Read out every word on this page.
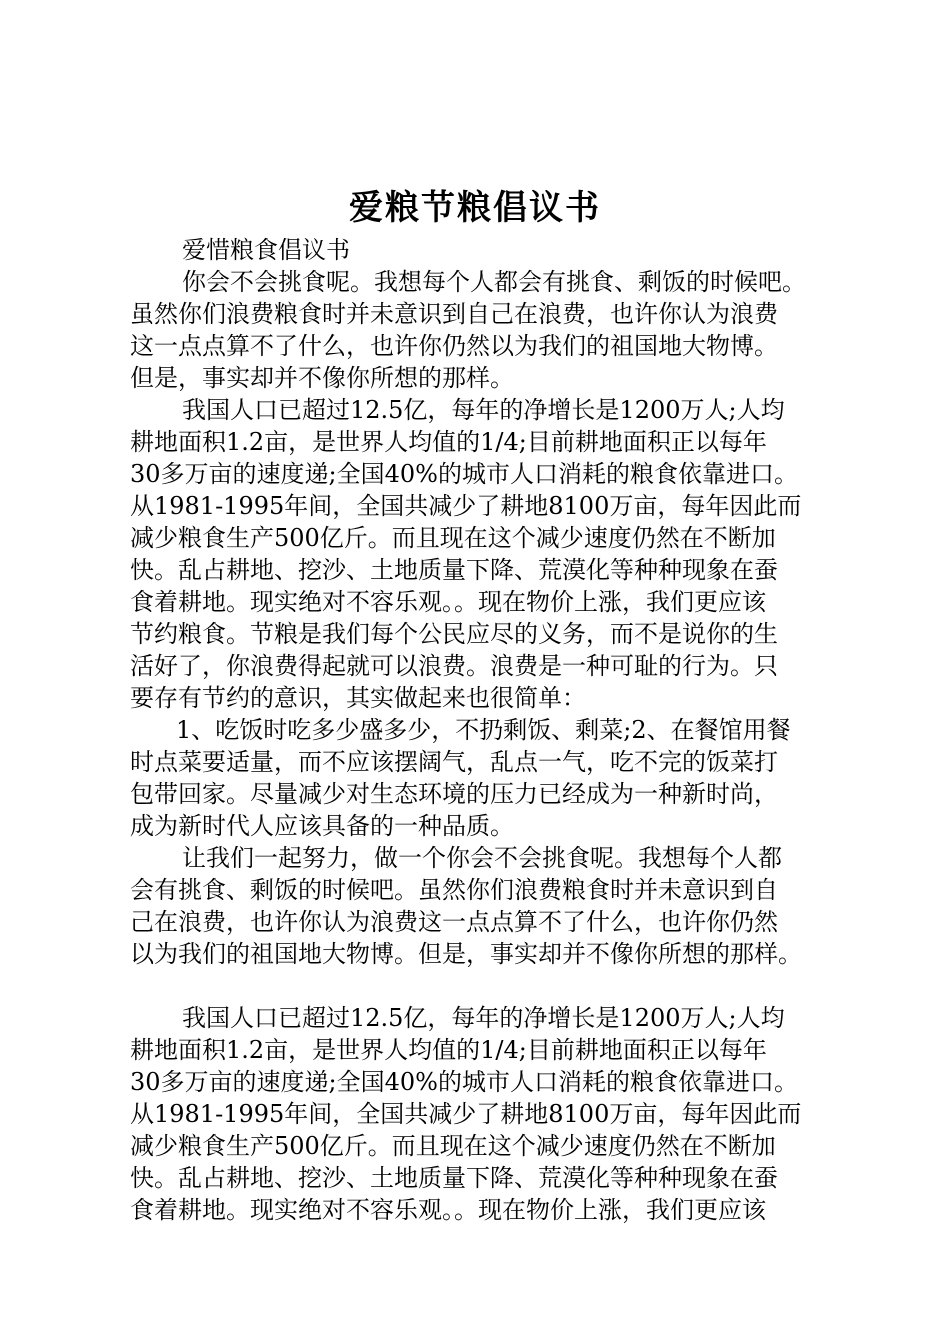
爱粮节粮倡议书
爱惜粮食倡议书
你会不会挑食呢。我想每个人都会有挑食、剩饭的时候吧。
虽然你们浪费粮食时并未意识到自己在浪费，也许你认为浪费
这一点点算不了什么，也许你仍然以为我们的祖国地大物博。
但是，事实却并不像你所想的那样。
我国人口已超过12.5亿，每年的净增长是1200万人;人均
耕地面积1.2亩，是世界人均值的1/4;目前耕地面积正以每年
30多万亩的速度递;全国40%的城市人口消耗的粮食依靠进口。
从1981-1995年间，全国共减少了耕地8100万亩，每年因此而
减少粮食生产500亿斤。而且现在这个减少速度仍然在不断加
快。乱占耕地、挖沙、土地质量下降、荒漠化等种种现象在蚕
食着耕地。现实绝对不容乐观。。现在物价上涨，我们更应该
节约粮食。节粮是我们每个公民应尽的义务，而不是说你的生
活好了，你浪费得起就可以浪费。浪费是一种可耻的行为。只
要存有节约的意识，其实做起来也很简单：
1、吃饭时吃多少盛多少，不扔剩饭、剩菜;2、在餐馆用餐
时点菜要适量，而不应该摆阔气，乱点一气，吃不完的饭菜打
包带回家。尽量减少对生态环境的压力已经成为一种新时尚，
成为新时代人应该具备的一种品质。
让我们一起努力，做一个你会不会挑食呢。我想每个人都
会有挑食、剩饭的时候吧。虽然你们浪费粮食时并未意识到自
己在浪费，也许你认为浪费这一点点算不了什么，也许你仍然
以为我们的祖国地大物博。但是，事实却并不像你所想的那样。
我国人口已超过12.5亿，每年的净增长是1200万人;人均
耕地面积1.2亩，是世界人均值的1/4;目前耕地面积正以每年
30多万亩的速度递;全国40%的城市人口消耗的粮食依靠进口。
从1981-1995年间，全国共减少了耕地8100万亩，每年因此而
减少粮食生产500亿斤。而且现在这个减少速度仍然在不断加
快。乱占耕地、挖沙、土地质量下降、荒漠化等种种现象在蚕
食着耕地。现实绝对不容乐观。。现在物价上涨，我们更应该
